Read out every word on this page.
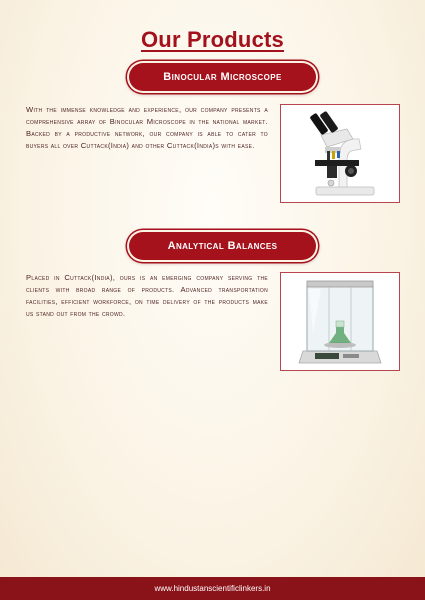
Our Products
Binocular Microscope
With the immense knowledge and experience, our company presents a comprehensive array of Binocular Microscope in the national market. Backed by a productive network, our company is able to cater to buyers all over Cuttack(India) and other Cuttack(India)s with ease.
Analytical Balances
Placed in Cuttack(India), ours is an emerging company serving the clients with broad range of products. Advanced transportation facilities, efficient workforce, on time delivery of the products make us stand out from the crowd.
www.hindustanscientificlinkers.in
